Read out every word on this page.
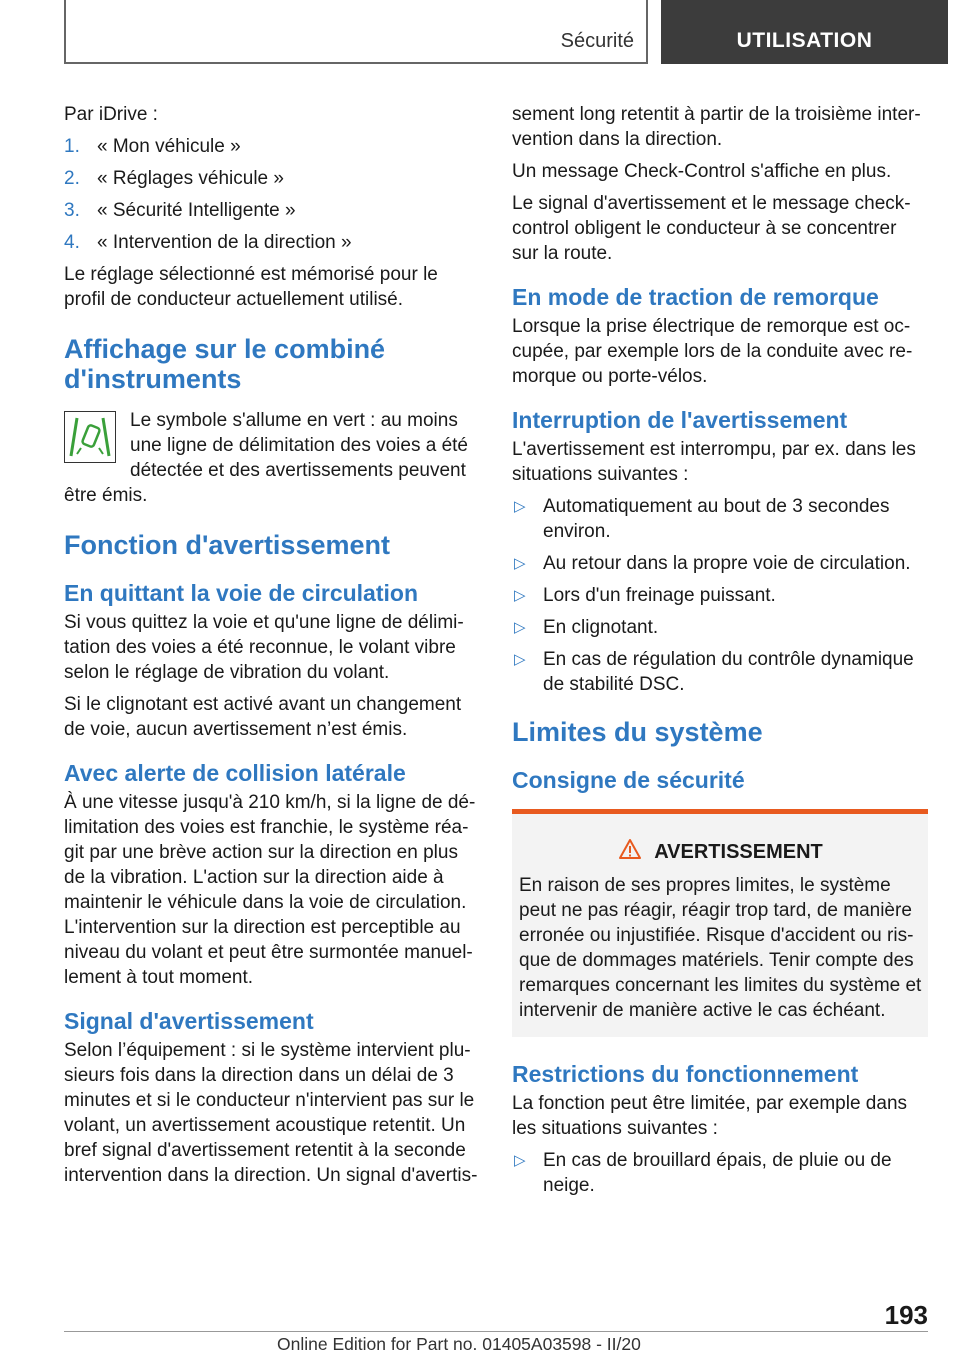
Sécurité	UTILISATION

Par iDrive :

1. « Mon véhicule »
2. « Réglages véhicule »
3. « Sécurité Intelligente »
4. « Intervention de la direction »

Le réglage sélectionné est mémorisé pour le profil de conducteur actuellement utilisé.

Affichage sur le combiné d'instruments

Le symbole s'allume en vert : au moins une ligne de délimitation des voies a été détectée et des avertissements peuvent être émis.

Fonction d'avertissement
En quittant la voie de circulation

Si vous quittez la voie et qu'une ligne de délimi-tation des voies a été reconnue, le volant vibre selon le réglage de vibration du volant.

Si le clignotant est activé avant un changement de voie, aucun avertissement n’est émis.

Avec alerte de collision latérale

À une vitesse jusqu'à 210 km/h, si la ligne de dé-limitation des voies est franchie, le système réa-git par une brève action sur la direction en plus de la vibration. L'action sur la direction aide à maintenir le véhicule dans la voie de circulation. L'intervention sur la direction est perceptible au niveau du volant et peut être surmontée manuel-lement à tout moment.

Signal d'avertissement

Selon l’équipement : si le système intervient plu-sieurs fois dans la direction dans un délai de 3 minutes et si le conducteur n'intervient pas sur le volant, un avertissement acoustique retentit. Un bref signal d'avertissement retentit à la seconde intervention dans la direction. Un signal d'avertis-

sement long retentit à partir de la troisième inter-vention dans la direction.

Un message Check-Control s'affiche en plus.

Le signal d'avertissement et le message check-control obligent le conducteur à se concentrer sur la route.

En mode de traction de remorque

Lorsque la prise électrique de remorque est oc-cupée, par exemple lors de la conduite avec re-morque ou porte-vélos.

Interruption de l'avertissement

L'avertissement est interrompu, par ex. dans les situations suivantes :

▷ Automatiquement au bout de 3 secondes environ.
▷ Au retour dans la propre voie de circulation.
▷ Lors d'un freinage puissant.
▷ En clignotant.
▷ En cas de régulation du contrôle dynamique de stabilité DSC.
Limites du système
Consigne de sécurité
AVERTISSEMENT

En raison de ses propres limites, le système peut ne pas réagir, réagir trop tard, de manière erronée ou injustifiée. Risque d'accident ou ris-que de dommages matériels. Tenir compte des remarques concernant les limites du système et intervenir de manière active le cas échéant.

Restrictions du fonctionnement

La fonction peut être limitée, par exemple dans les situations suivantes :

▷ En cas de brouillard épais, de pluie ou de neige.
193
Online Edition for Part no. 01405A03598 - II/20
